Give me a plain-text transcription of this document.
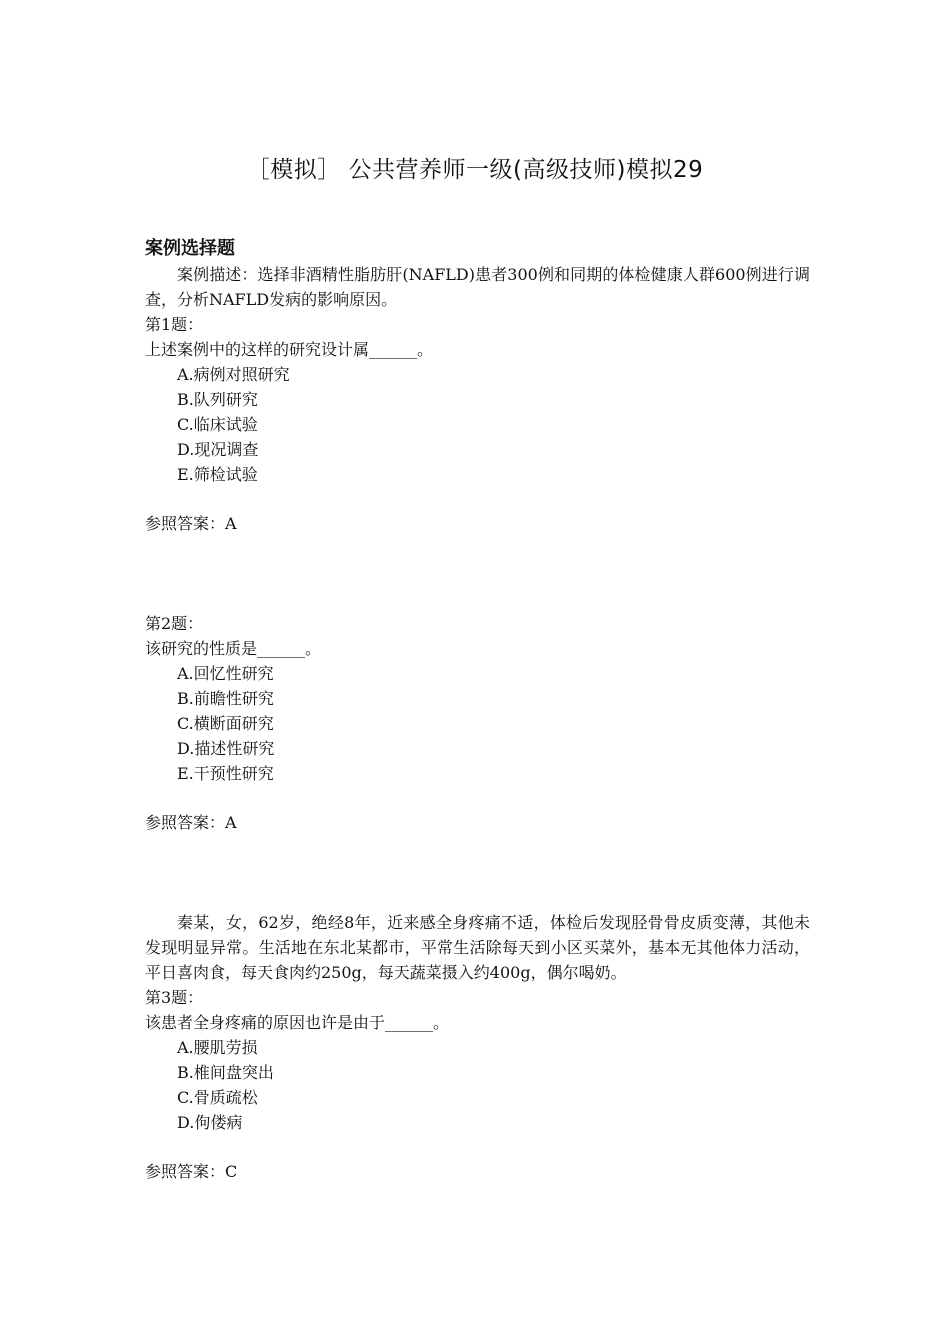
［模拟］ 公共营养师一级(高级技师)模拟29

案例选择题

案例描述：选择非酒精性脂肪肝(NAFLD)患者300例和同期的体检健康人群600例进行调查，分析NAFLD发病的影响原因。

第1题：

上述案例中的这样的研究设计属______。

A.病例对照研究

B.队列研究

C.临床试验

D.现况调查

E.筛检试验

参照答案：A

第2题：

该研究的性质是______。

A.回忆性研究

B.前瞻性研究

C.横断面研究

D.描述性研究

E.干预性研究

参照答案：A

秦某，女，62岁，绝经8年，近来感全身疼痛不适，体检后发现胫骨骨皮质变薄，其他未发现明显异常。生活地在东北某都市，平常生活除每天到小区买菜外，基本无其他体力活动，平日喜肉食，每天食肉约250g，每天蔬菜摄入约400g，偶尔喝奶。

第3题：

该患者全身疼痛的原因也许是由于______。

A.腰肌劳损

B.椎间盘突出

C.骨质疏松

D.佝偻病

参照答案：C
